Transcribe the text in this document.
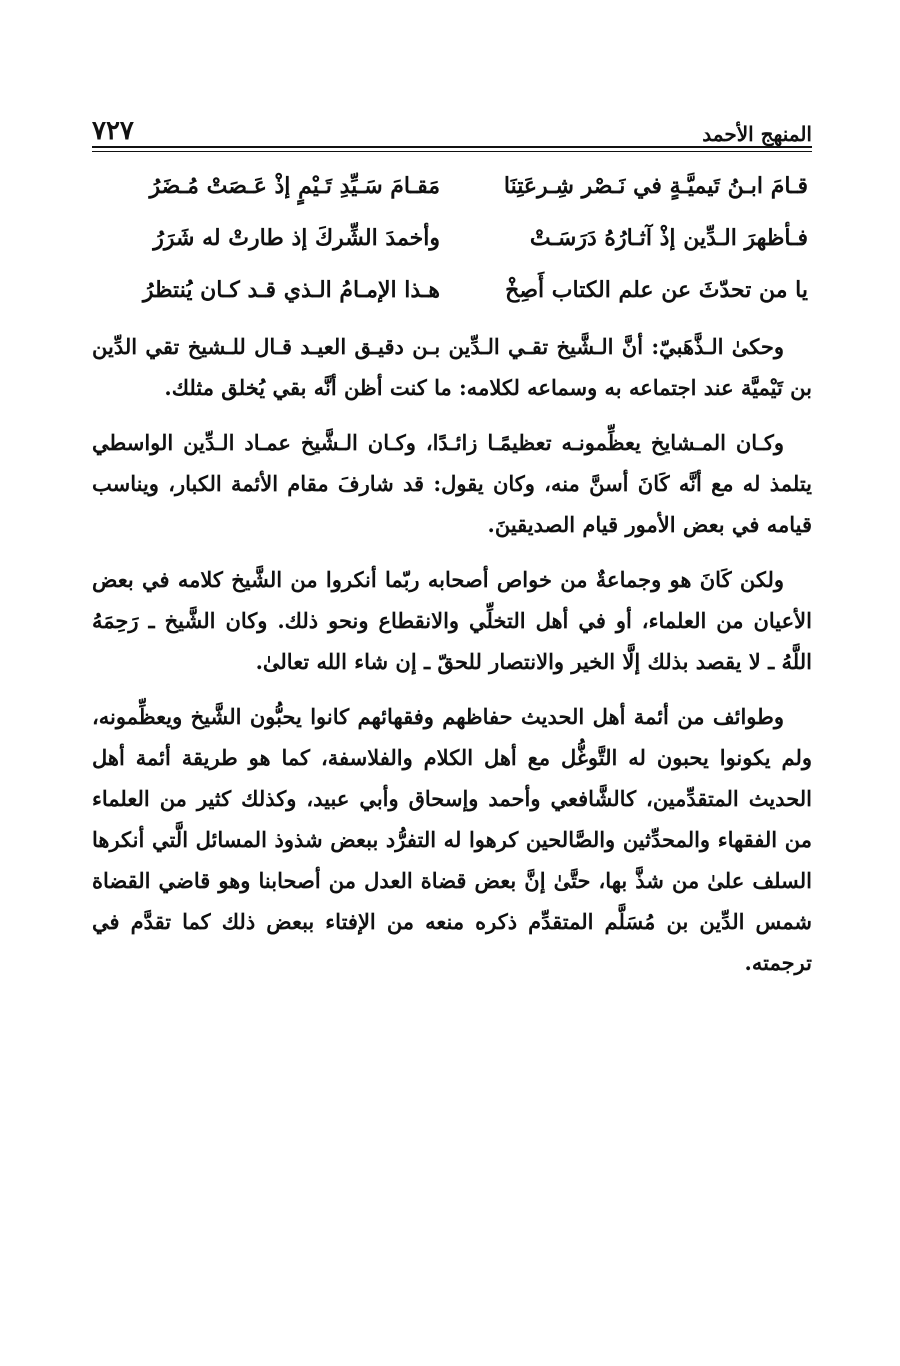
المنهج الأحمد
٧٢٧
قـامَ ابـنُ تَيميَّـةٍ في نَـصْر شِـرعَتِنَا
مَقـامَ سَـيِّدِ تَـيْمٍ إذْ عَـصَتْ مُـضَرُ
فـأظهرَ الـدِّين إذْ آثـارُهُ دَرَسَـتْ
وأخمدَ الشِّركَ إذ طارتْ له شَرَرُ
يا من تحدّثَ عن علم الكتاب أَصِخْ
هـذا الإمـامُ الـذي قـد كـان يُنتظرُ

وحكىٰ الـذَّهَبيّ: أنَّ الـشَّيخ تقـي الـدِّين بـن دقيـق العيـد قـال للـشيخ تقي الدِّين بن تَيْميَّة عند اجتماعه به وسماعه لكلامه: ما كنت أظن أنَّه بقي يُخلق مثلك.

وكـان المـشايخ يعظِّمونـه تعظيمًـا زائـدًا، وكـان الـشَّيخ عمـاد الـدِّين الواسطي يتلمذ له مع أنَّه كَانَ أسنَّ منه، وكان يقول: قد شارفَ مقام الأئمة الكبار، ويناسب قيامه في بعض الأمور قيام الصديقينَ.

ولكن كَانَ هو وجماعةٌ من خواص أصحابه ربّما أنكروا من الشَّيخ كلامه في بعض الأعيان من العلماء، أو في أهل التخلِّي والانقطاع ونحو ذلك. وكان الشَّيخ ـ رَحِمَهُ اللَّهُ ـ لا يقصد بذلك إلَّا الخير والانتصار للحقّ ـ إن شاء الله تعالىٰ.

وطوائف من أئمة أهل الحديث حفاظهم وفقهائهم كانوا يحبُّون الشَّيخ ويعظِّمونه، ولم يكونوا يحبون له التَّوغُّل مع أهل الكلام والفلاسفة، كما هو طريقة أئمة أهل الحديث المتقدِّمين، كالشَّافعي وأحمد وإسحاق وأبي عبيد، وكذلك كثير من العلماء من الفقهاء والمحدِّثين والصَّالحين كرهوا له التفرُّد ببعض شذوذ المسائل الَّتي أنكرها السلف علىٰ من شذَّ بها، حتَّىٰ إنَّ بعض قضاة العدل من أصحابنا وهو قاضي القضاة شمس الدِّين بن مُسَلَّم المتقدِّم ذكره منعه من الإفتاء ببعض ذلك كما تقدَّم في ترجمته.
